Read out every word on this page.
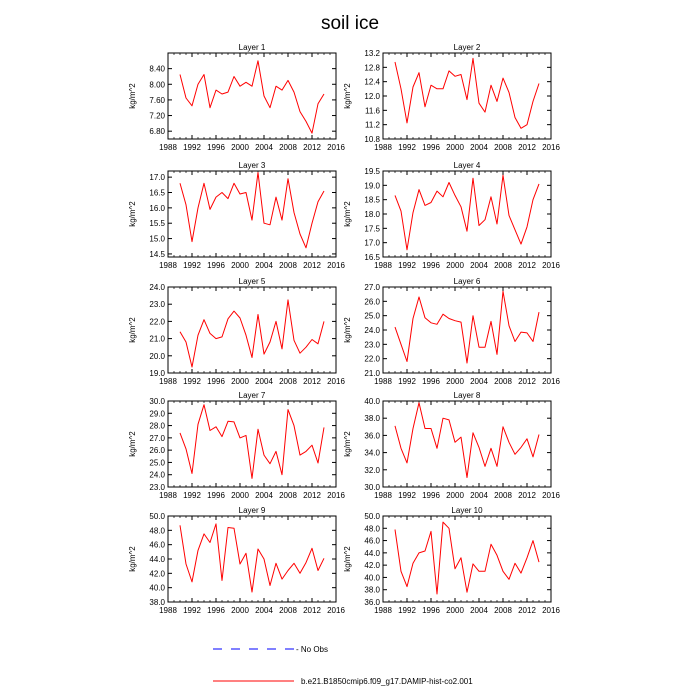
soil ice
Layer 1
1988 1992 1996 2000 2004 2008 2012 2016
6.80
7.20
7.60
8.00
8.40
kg/m^2
Layer 2
1988 1992 1996 2000 2004 2008 2012 2016
10.8
11.2
11.6
12.0
12.4
12.8
13.2
kg/m^2
Layer 3
1988 1992 1996 2000 2004 2008 2012 2016
14.5
15.0
15.5
16.0
16.5
17.0
kg/m^2
Layer 4
1988 1992 1996 2000 2004 2008 2012 2016
16.5
17.0
17.5
18.0
18.5
19.0
19.5
kg/m^2
Layer 5
1988 1992 1996 2000 2004 2008 2012 2016
19.0
20.0
21.0
22.0
23.0
24.0
kg/m^2
Layer 6
1988 1992 1996 2000 2004 2008 2012 2016
21.0
22.0
23.0
24.0
25.0
26.0
27.0
kg/m^2
Layer 7
1988 1992 1996 2000 2004 2008 2012 2016
23.0
24.0
25.0
26.0
27.0
28.0
29.0
30.0
kg/m^2
Layer 8
1988 1992 1996 2000 2004 2008 2012 2016
30.0
32.0
34.0
36.0
38.0
40.0
kg/m^2
Layer 9
1988 1992 1996 2000 2004 2008 2012 2016
38.0
40.0
42.0
44.0
46.0
48.0
50.0
kg/m^2
Layer 10
1988 1992 1996 2000 2004 2008 2012 2016
36.0
38.0
40.0
42.0
44.0
46.0
48.0
50.0
kg/m^2
- No Obs
b.e21.B1850cmip6.f09_g17.DAMIP-hist-co2.001
